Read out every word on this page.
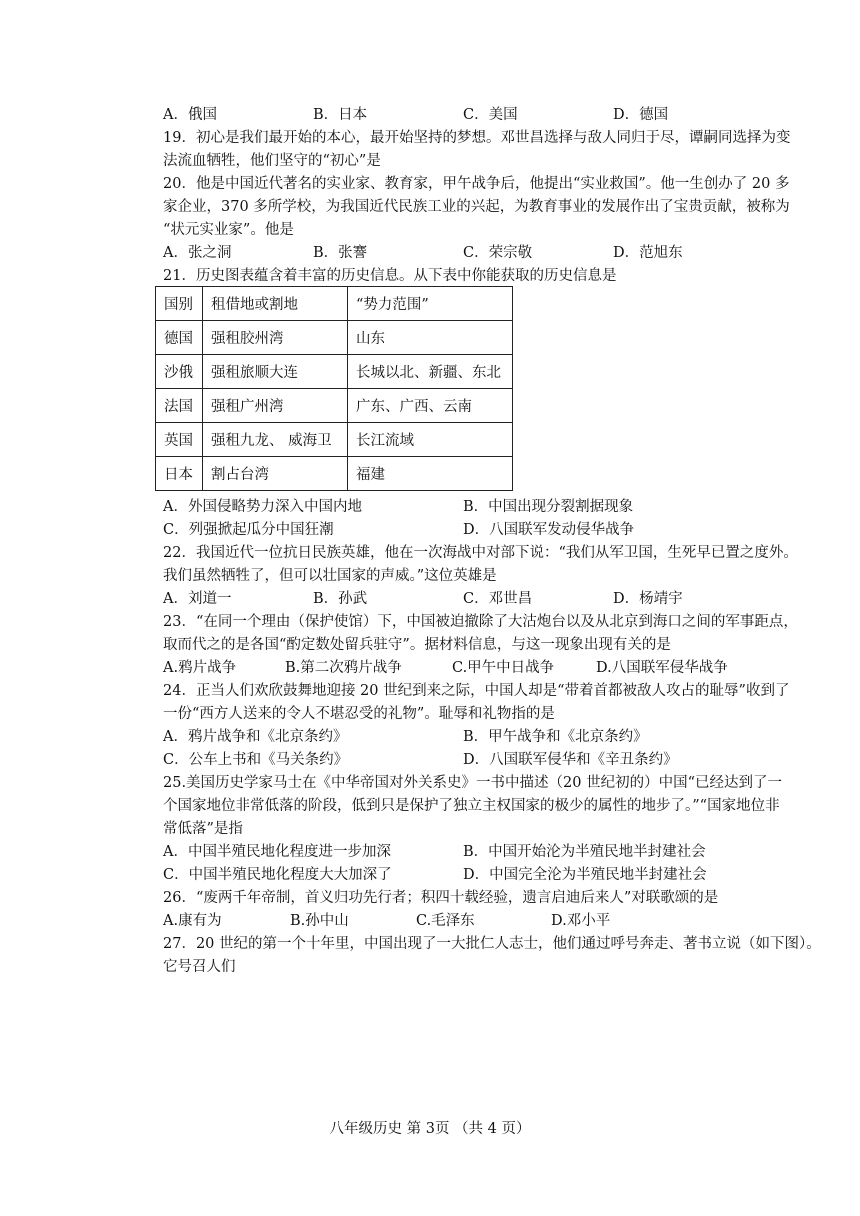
A．俄国	B．日本	C．美国	D．德国
19．初心是我们最开始的本心，最开始坚持的梦想。邓世昌选择与敌人同归于尽，谭嗣同选择为变
法流血牺牲，他们坚守的“初心”是
20．他是中国近代著名的实业家、教育家，甲午战争后，他提出“实业救国”。他一生创办了 20 多
家企业，370 多所学校，为我国近代民族工业的兴起，为教育事业的发展作出了宝贵贡献，被称为
“状元实业家”。他是
A．张之洞	B．张謇	C．荣宗敬	D．范旭东
21．历史图表蕴含着丰富的历史信息。从下表中你能获取的历史信息是
国别	租借地或割地	“势力范围”
德国	强租胶州湾	山东
沙俄	强租旅顺大连	长城以北、新疆、东北
法国	强租广州湾	广东、广西、云南
英国	强租九龙、 威海卫	长江流域
日本	割占台湾	福建
A．外国侵略势力深入中国内地	B．中国出现分裂割据现象
C．列强掀起瓜分中国狂潮	D．八国联军发动侵华战争
22．我国近代一位抗日民族英雄，他在一次海战中对部下说：“我们从军卫国，生死早已置之度外。
我们虽然牺牲了，但可以壮国家的声威。”这位英雄是
A．刘道一	B．孙武	C．邓世昌	D．杨靖宇
23．“在同一个理由（保护使馆）下，中国被迫撤除了大沽炮台以及从北京到海口之间的军事距点，
取而代之的是各国“酌定数处留兵驻守”。据材料信息，与这一现象出现有关的是
A.鸦片战争	B.第二次鸦片战争	C.甲午中日战争	D.八国联军侵华战争
24．正当人们欢欣鼓舞地迎接 20 世纪到来之际，中国人却是“带着首都被敌人攻占的耻辱”收到了
一份“西方人送来的令人不堪忍受的礼物”。耻辱和礼物指的是
A．鸦片战争和《北京条约》	B．甲午战争和《北京条约》
C．公车上书和《马关条约》	D．八国联军侵华和《辛丑条约》
25.美国历史学家马士在《中华帝国对外关系史》一书中描述（20 世纪初的）中国“已经达到了一
个国家地位非常低落的阶段，低到只是保护了独立主权国家的极少的属性的地步了。”“国家地位非
常低落”是指
A．中国半殖民地化程度进一步加深	B．中国开始沦为半殖民地半封建社会
C．中国半殖民地化程度大大加深了	D．中国完全沦为半殖民地半封建社会
26．“废两千年帝制，首义归功先行者；积四十载经验，遗言启迪后来人”对联歌颂的是
A.康有为	B.孙中山	C.毛泽东	D.邓小平
27．20 世纪的第一个十年里，中国出现了一大批仁人志士，他们通过呼号奔走、著书立说（如下图）。
它号召人们
八年级历史 第 3页 （共 4 页）
